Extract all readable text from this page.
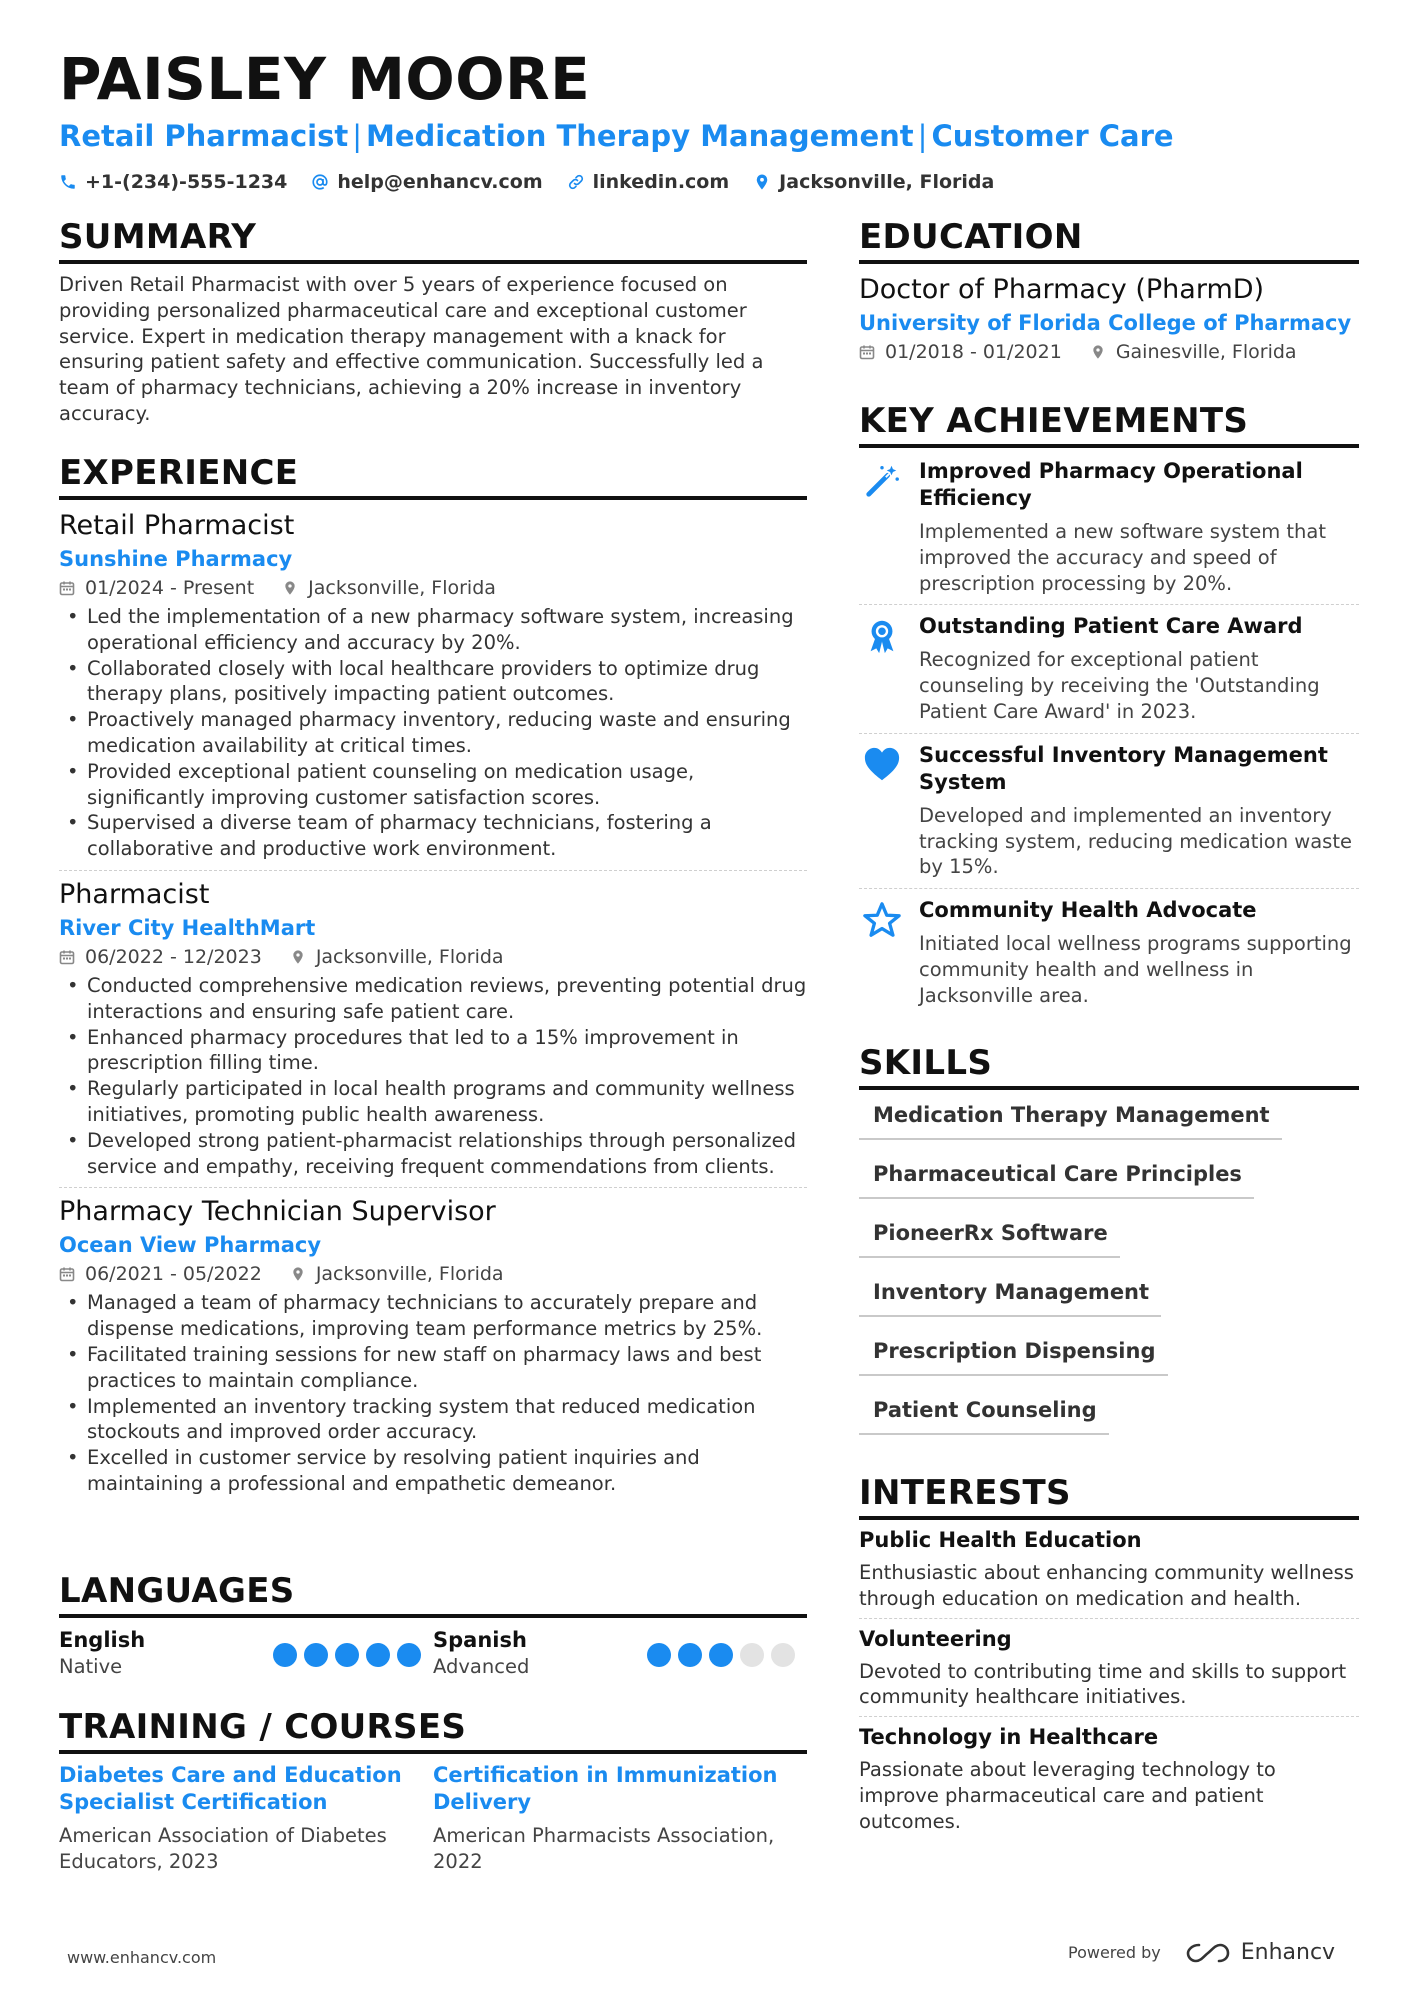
PAISLEY MOORE
Retail Pharmacist | Medication Therapy Management | Customer Care
+1-(234)-555-1234	help@enhancv.com	linkedin.com	Jacksonville, Florida
SUMMARY
Driven Retail Pharmacist with over 5 years of experience focused on providing personalized pharmaceutical care and exceptional customer service. Expert in medication therapy management with a knack for ensuring patient safety and effective communication. Successfully led a team of pharmacy technicians, achieving a 20% increase in inventory accuracy.
EXPERIENCE
Retail Pharmacist
Sunshine Pharmacy
01/2024 - Present	Jacksonville, Florida
• Led the implementation of a new pharmacy software system, increasing operational efficiency and accuracy by 20%.
• Collaborated closely with local healthcare providers to optimize drug therapy plans, positively impacting patient outcomes.
• Proactively managed pharmacy inventory, reducing waste and ensuring medication availability at critical times.
• Provided exceptional patient counseling on medication usage, significantly improving customer satisfaction scores.
• Supervised a diverse team of pharmacy technicians, fostering a collaborative and productive work environment.
Pharmacist
River City HealthMart
06/2022 - 12/2023	Jacksonville, Florida
• Conducted comprehensive medication reviews, preventing potential drug interactions and ensuring safe patient care.
• Enhanced pharmacy procedures that led to a 15% improvement in prescription filling time.
• Regularly participated in local health programs and community wellness initiatives, promoting public health awareness.
• Developed strong patient-pharmacist relationships through personalized service and empathy, receiving frequent commendations from clients.
Pharmacy Technician Supervisor
Ocean View Pharmacy
06/2021 - 05/2022	Jacksonville, Florida
• Managed a team of pharmacy technicians to accurately prepare and dispense medications, improving team performance metrics by 25%.
• Facilitated training sessions for new staff on pharmacy laws and best practices to maintain compliance.
• Implemented an inventory tracking system that reduced medication stockouts and improved order accuracy.
• Excelled in customer service by resolving patient inquiries and maintaining a professional and empathetic demeanor.
LANGUAGES
English
Native
Spanish
Advanced
TRAINING / COURSES
Diabetes Care and Education Specialist Certification
American Association of Diabetes Educators, 2023
Certification in Immunization Delivery
American Pharmacists Association, 2022
EDUCATION
Doctor of Pharmacy (PharmD)
University of Florida College of Pharmacy
01/2018 - 01/2021	Gainesville, Florida
KEY ACHIEVEMENTS
Improved Pharmacy Operational Efficiency
Implemented a new software system that improved the accuracy and speed of prescription processing by 20%.
Outstanding Patient Care Award
Recognized for exceptional patient counseling by receiving the 'Outstanding Patient Care Award' in 2023.
Successful Inventory Management System
Developed and implemented an inventory tracking system, reducing medication waste by 15%.
Community Health Advocate
Initiated local wellness programs supporting community health and wellness in Jacksonville area.
SKILLS
Medication Therapy Management
Pharmaceutical Care Principles
PioneerRx Software
Inventory Management
Prescription Dispensing
Patient Counseling
INTERESTS
Public Health Education
Enthusiastic about enhancing community wellness through education on medication and health.
Volunteering
Devoted to contributing time and skills to support community healthcare initiatives.
Technology in Healthcare
Passionate about leveraging technology to improve pharmaceutical care and patient outcomes.
www.enhancv.com	Powered by	Enhancv
